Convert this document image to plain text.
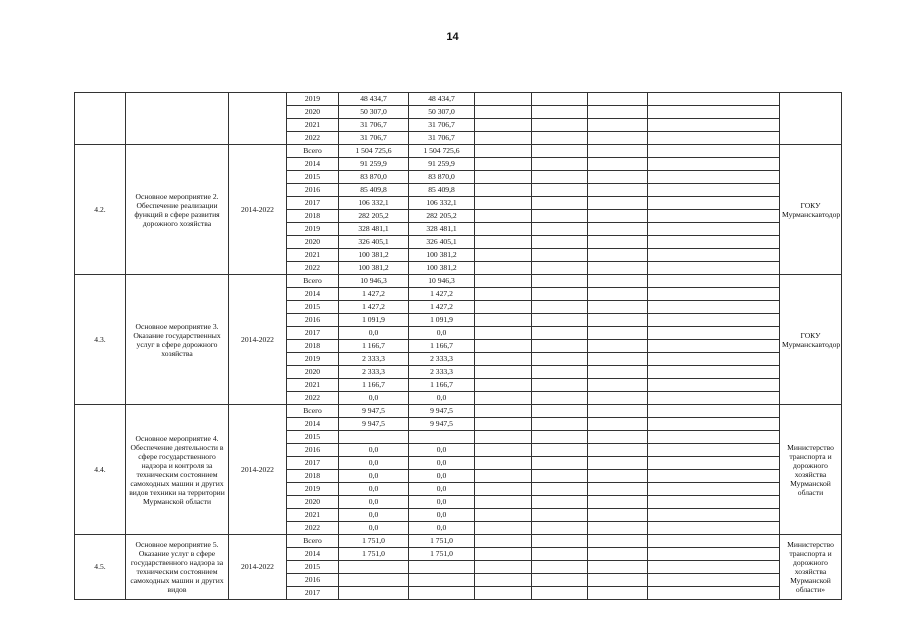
14
			2019	48 434,7	48 434,7					
			2020	50 307,0	50 307,0					
			2021	31 706,7	31 706,7					
			2022	31 706,7	31 706,7					
4.2.	Основное мероприятие 2. Обеспечение реализации функций в сфере развития дорожного хозяйства	2014-2022	Всего	1 504 725,6	1 504 725,6					ГОКУ Мурманскавтодор
			2014	91 259,9	91 259,9					
			2015	83 870,0	83 870,0					
			2016	85 409,8	85 409,8					
			2017	106 332,1	106 332,1					
			2018	282 205,2	282 205,2					
			2019	328 481,1	328 481,1					
			2020	326 405,1	326 405,1					
			2021	100 381,2	100 381,2					
			2022	100 381,2	100 381,2					
4.3.	Основное мероприятие 3. Оказание государственных услуг в сфере дорожного хозяйства	2014-2022	Всего	10 946,3	10 946,3					ГОКУ Мурманскавтодор
			2014	1 427,2	1 427,2					
			2015	1 427,2	1 427,2					
			2016	1 091,9	1 091,9					
			2017	0,0	0,0					
			2018	1 166,7	1 166,7					
			2019	2 333,3	2 333,3					
			2020	2 333,3	2 333,3					
			2021	1 166,7	1 166,7					
			2022	0,0	0,0					
4.4.	Основное мероприятие 4. Обеспечение деятельности в сфере государственного надзора и контроля за техническим состоянием самоходных машин и других видов техники на территории Мурманской области	2014-2022	Всего	9 947,5	9 947,5					Министерство транспорта и дорожного хозяйства Мурманской области
			2014	9 947,5	9 947,5					
			2015							
			2016	0,0	0,0					
			2017	0,0	0,0					
			2018	0,0	0,0					
			2019	0,0	0,0					
			2020	0,0	0,0					
			2021	0,0	0,0					
			2022	0,0	0,0					
4.5.	Основное мероприятие 5. Оказание услуг в сфере государственного надзора за техническим состоянием самоходных машин и других видов	2014-2022	Всего	1 751,0	1 751,0					Министерство транспорта и дорожного хозяйства Мурманской области»
			2014	1 751,0	1 751,0					
			2015							
			2016							
			2017							
